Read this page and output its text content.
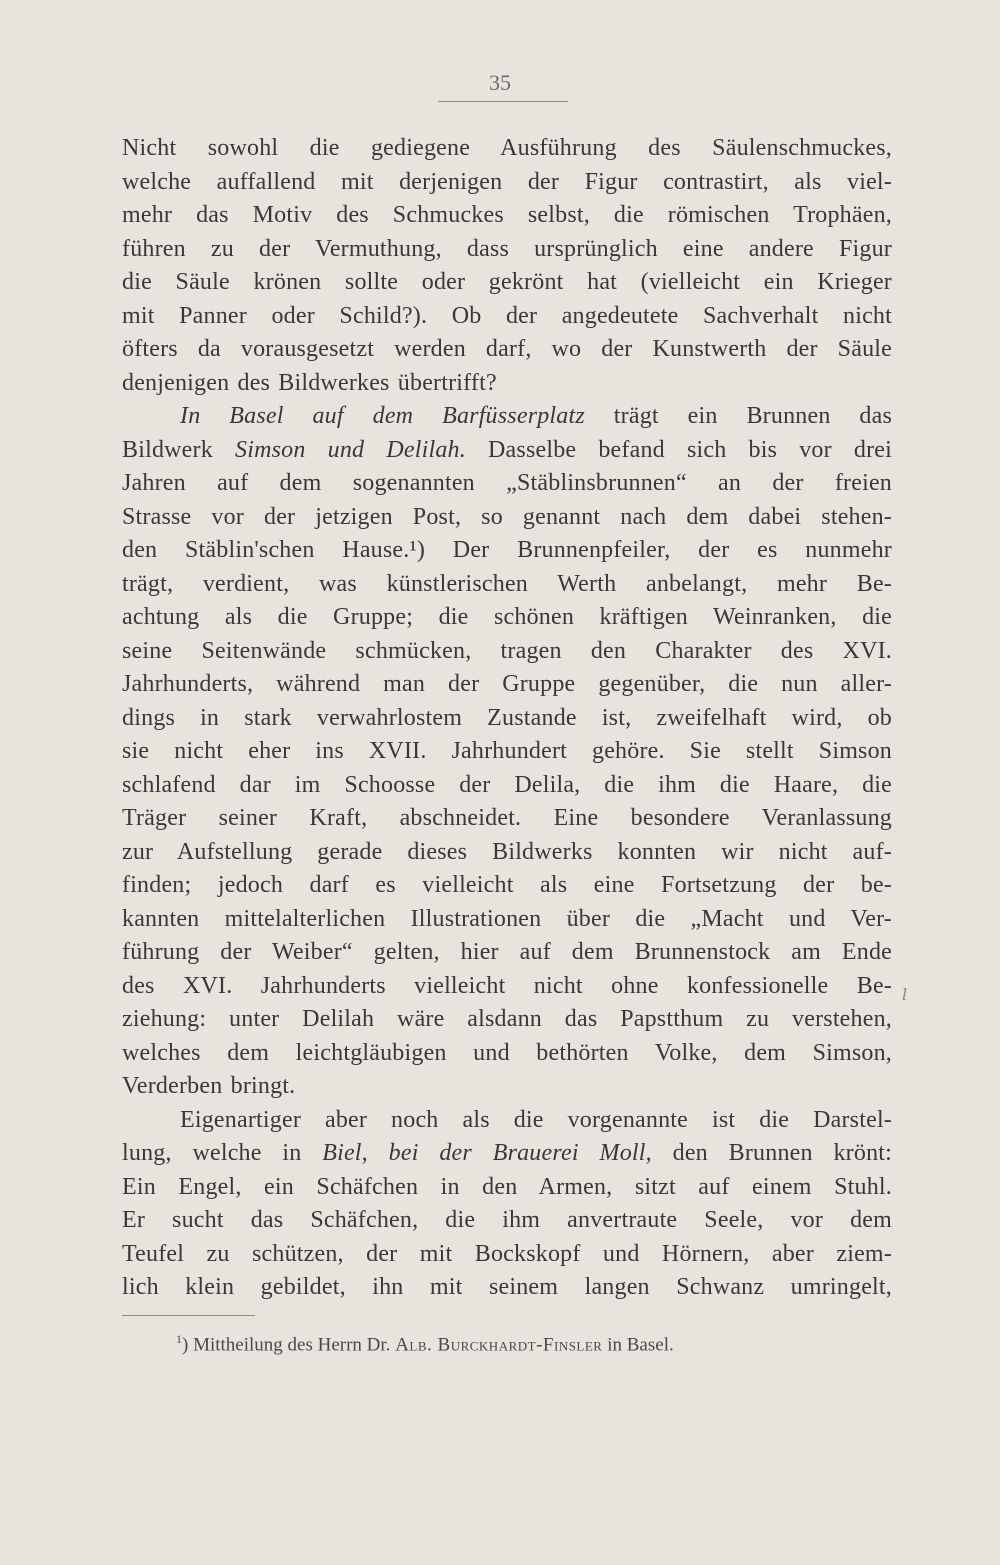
35
Nicht sowohl die gediegene Ausführung des Säulenschmuckes,
welche auffallend mit derjenigen der Figur contrastirt, als viel-
mehr das Motiv des Schmuckes selbst, die römischen Trophäen,
führen zu der Vermuthung, dass ursprünglich eine andere Figur
die Säule krönen sollte oder gekrönt hat (vielleicht ein Krieger
mit Panner oder Schild?). Ob der angedeutete Sachverhalt nicht
öfters da vorausgesetzt werden darf, wo der Kunstwerth der Säule
denjenigen des Bildwerkes übertrifft?
In Basel auf dem Barfüsserplatz trägt ein Brunnen das
Bildwerk Simson und Delilah. Dasselbe befand sich bis vor drei
Jahren auf dem sogenannten „Stäblinsbrunnen“ an der freien
Strasse vor der jetzigen Post, so genannt nach dem dabei stehen-
den Stäblin'schen Hause.¹) Der Brunnenpfeiler, der es nunmehr
trägt, verdient, was künstlerischen Werth anbelangt, mehr Be-
achtung als die Gruppe; die schönen kräftigen Weinranken, die
seine Seitenwände schmücken, tragen den Charakter des XVI.
Jahrhunderts, während man der Gruppe gegenüber, die nun aller-
dings in stark verwahrlostem Zustande ist, zweifelhaft wird, ob
sie nicht eher ins XVII. Jahrhundert gehöre. Sie stellt Simson
schlafend dar im Schoosse der Delila, die ihm die Haare, die
Träger seiner Kraft, abschneidet. Eine besondere Veranlassung
zur Aufstellung gerade dieses Bildwerks konnten wir nicht auf-
finden; jedoch darf es vielleicht als eine Fortsetzung der be-
kannten mittelalterlichen Illustrationen über die „Macht und Ver-
führung der Weiber“ gelten, hier auf dem Brunnenstock am Ende
des XVI. Jahrhunderts vielleicht nicht ohne konfessionelle Be-
ziehung: unter Delilah wäre alsdann das Papstthum zu verstehen,
welches dem leichtgläubigen und bethörten Volke, dem Simson,
Verderben bringt.
Eigenartiger aber noch als die vorgenannte ist die Darstel-
lung, welche in Biel, bei der Brauerei Moll, den Brunnen krönt:
Ein Engel, ein Schäfchen in den Armen, sitzt auf einem Stuhl.
Er sucht das Schäfchen, die ihm anvertraute Seele, vor dem
Teufel zu schützen, der mit Bockskopf und Hörnern, aber ziem-
lich klein gebildet, ihn mit seinem langen Schwanz umringelt,
$^1$) Mittheilung des Herrn Dr. Alb. Burckhardt-Finsler in Basel.
l
